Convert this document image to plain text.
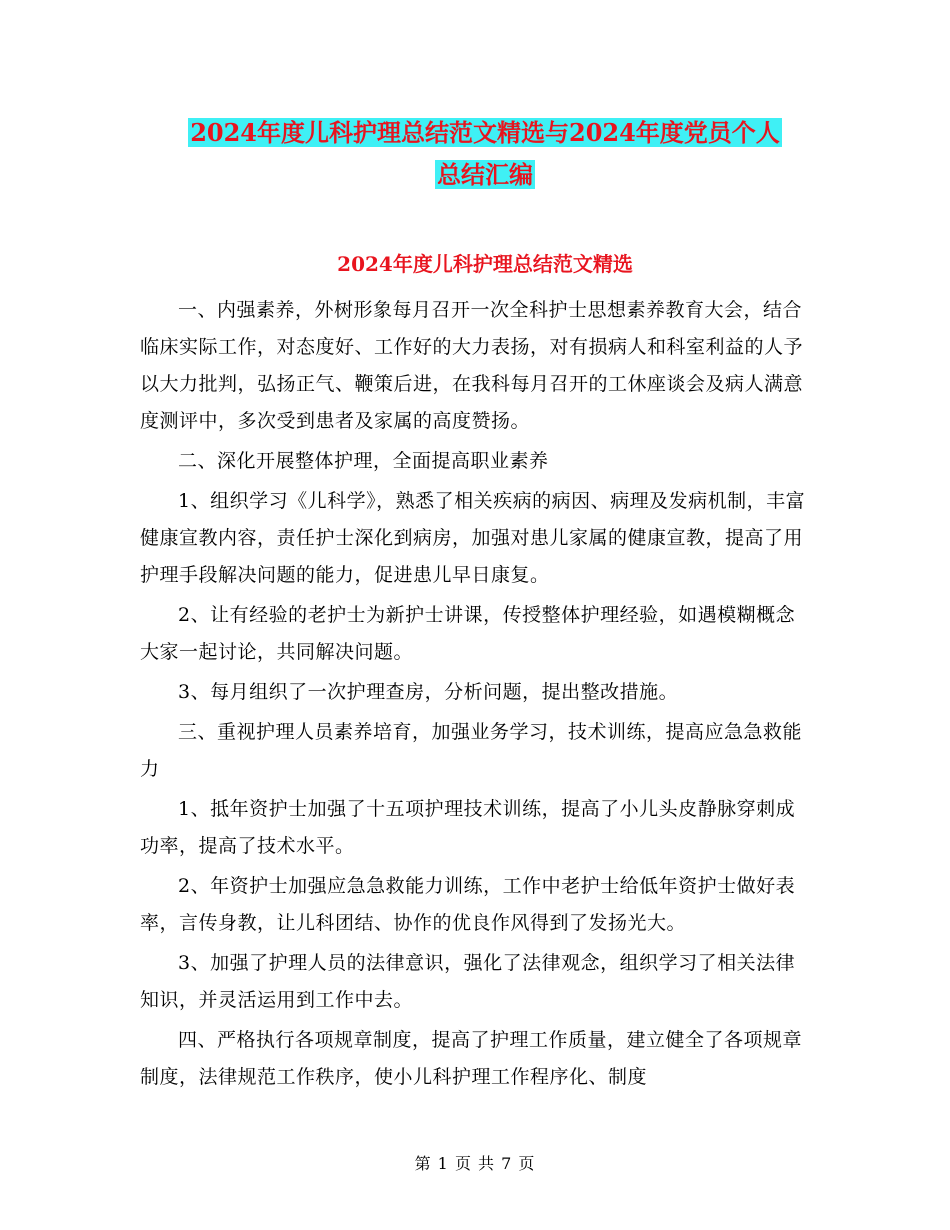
2024年度儿科护理总结范文精选与2024年度党员个人
总结汇编
2024年度儿科护理总结范文精选

一、内强素养，外树形象每月召开一次全科护士思想素养教育大会，结合临床实际工作，对态度好、工作好的大力表扬，对有损病人和科室利益的人予以大力批判，弘扬正气、鞭策后进，在我科每月召开的工休座谈会及病人满意度测评中，多次受到患者及家属的高度赞扬。

二、深化开展整体护理，全面提高职业素养

1、组织学习《儿科学》，熟悉了相关疾病的病因、病理及发病机制，丰富健康宣教内容，责任护士深化到病房，加强对患儿家属的健康宣教，提高了用护理手段解决问题的能力，促进患儿早日康复。

2、让有经验的老护士为新护士讲课，传授整体护理经验，如遇模糊概念大家一起讨论，共同解决问题。

3、每月组织了一次护理查房，分析问题，提出整改措施。

三、重视护理人员素养培育，加强业务学习，技术训练，提高应急急救能力

1、抵年资护士加强了十五项护理技术训练，提高了小儿头皮静脉穿刺成功率，提高了技术水平。

2、年资护士加强应急急救能力训练，工作中老护士给低年资护士做好表率，言传身教，让儿科团结、协作的优良作风得到了发扬光大。

3、加强了护理人员的法律意识，强化了法律观念，组织学习了相关法律知识，并灵活运用到工作中去。

四、严格执行各项规章制度，提高了护理工作质量，建立健全了各项规章制度，法律规范工作秩序，使小儿科护理工作程序化、制度

第 1 页 共 7 页
